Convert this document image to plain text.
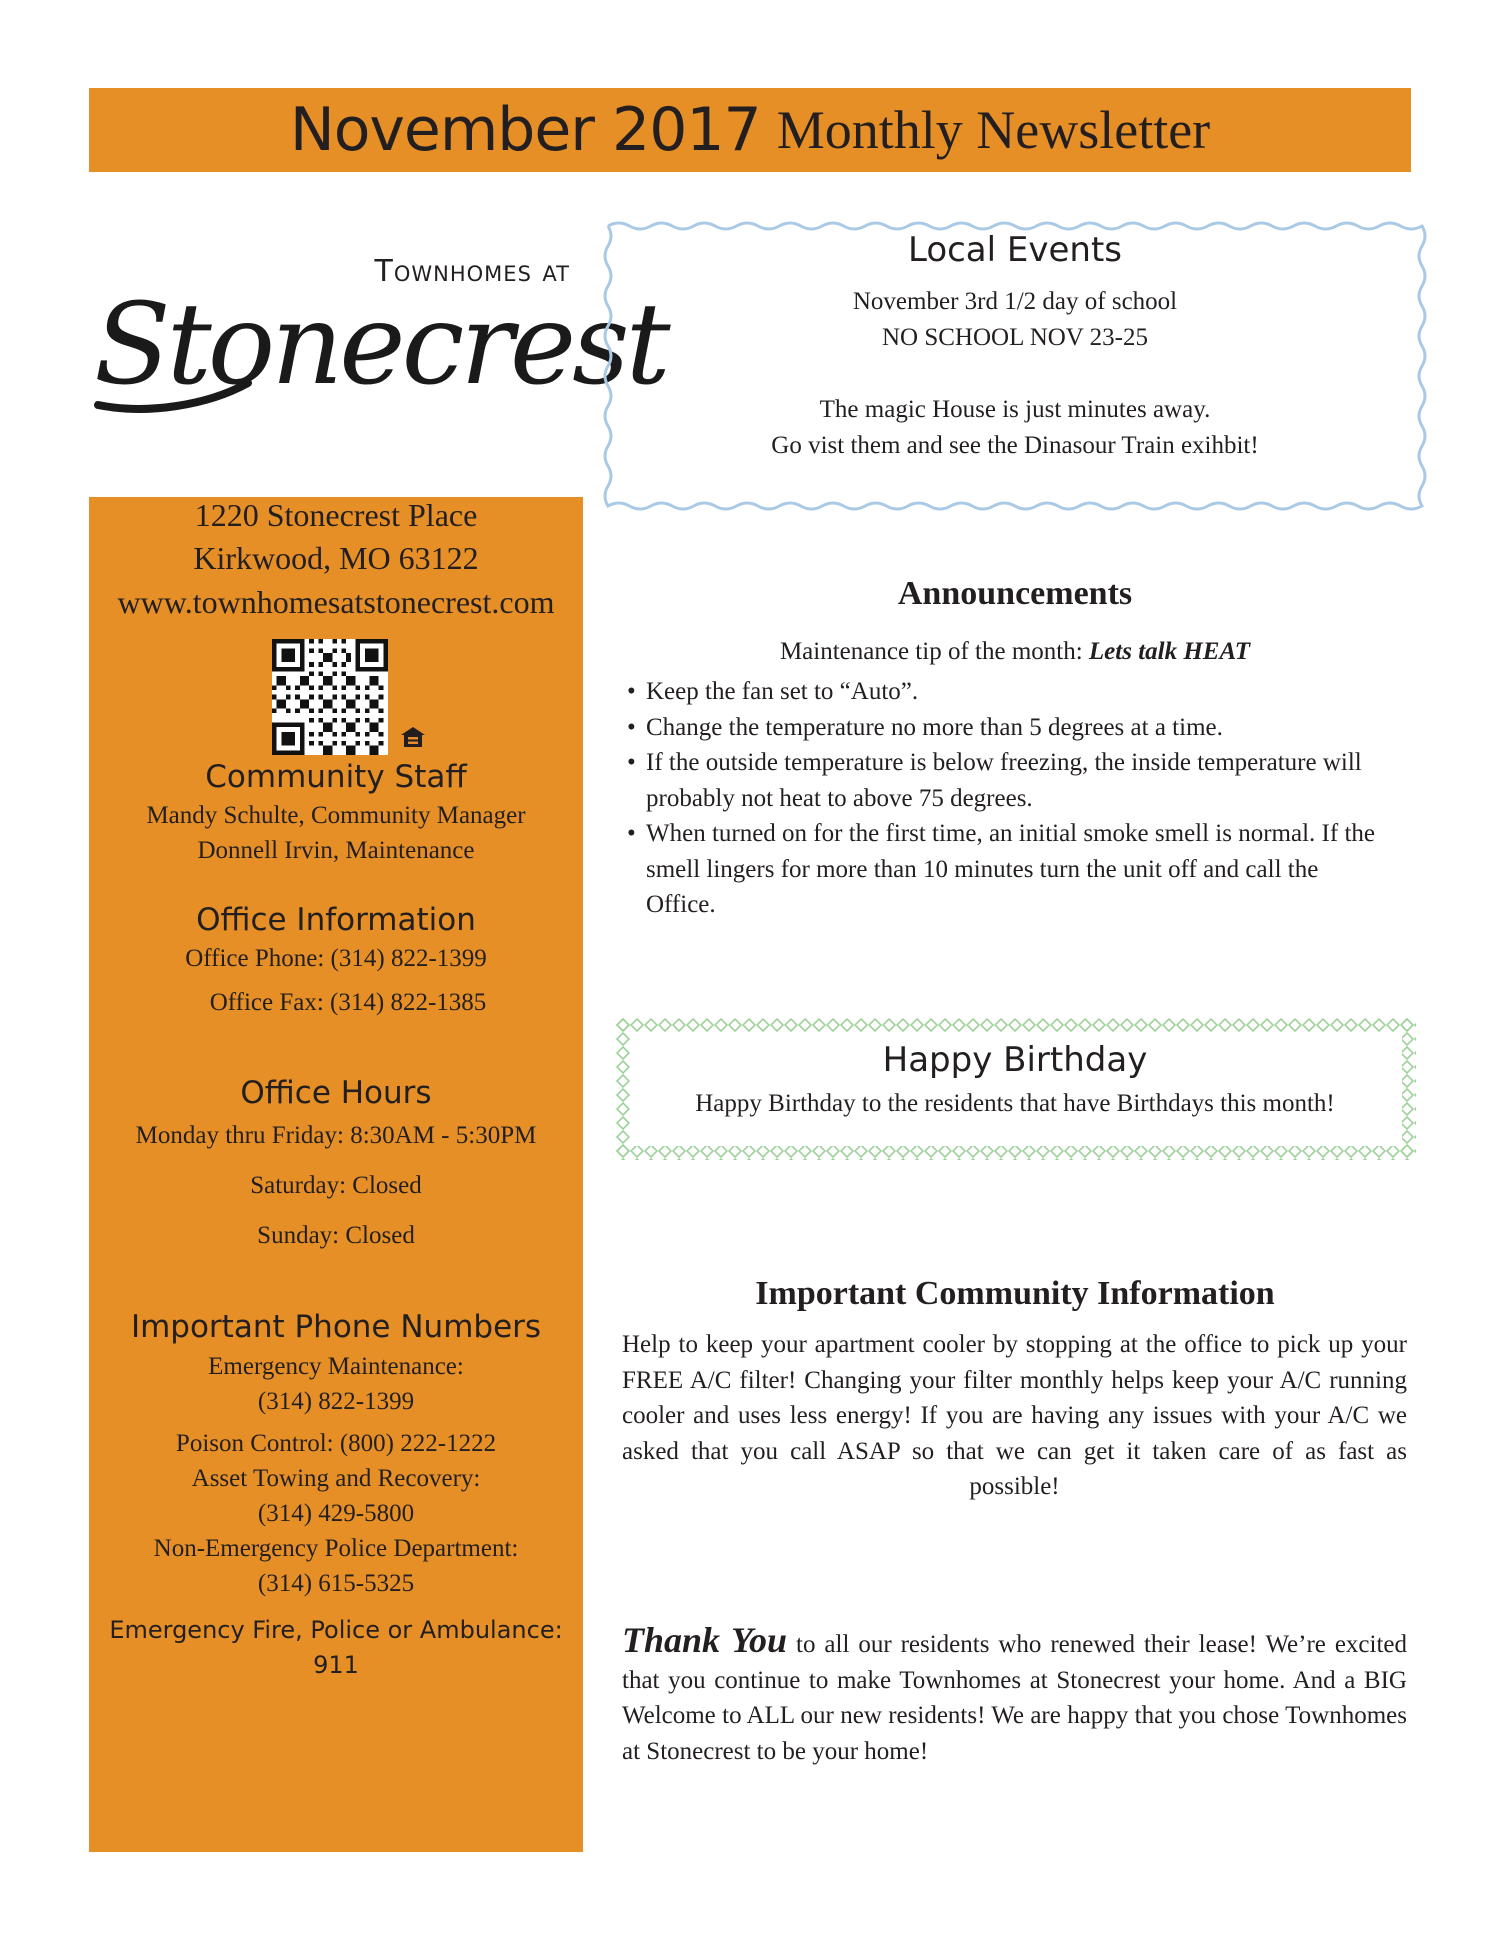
November 2017 Monthly Newsletter
Townhomes at
Stonecrest
Local Events
November 3rd 1/2 day of school
NO SCHOOL NOV 23-25
The magic House is just minutes away.
Go vist them and see the Dinasour Train exihbit!
1220 Stonecrest Place
Kirkwood, MO 63122
www.townhomesatstonecrest.com
Community Staff
Mandy Schulte, Community Manager
Donnell Irvin, Maintenance
Office Information
Office Phone: (314) 822-1399
Office Fax: (314) 822-1385
Office Hours
Monday thru Friday: 8:30AM - 5:30PM
Saturday: Closed
Sunday: Closed
Important Phone Numbers
Emergency Maintenance:
(314) 822-1399
Poison Control: (800) 222-1222
Asset Towing and Recovery:
(314) 429-5800
Non-Emergency Police Department:
(314) 615-5325
Emergency Fire, Police or Ambulance:
911
Announcements
Maintenance tip of the month: Lets talk HEAT
• Keep the fan set to “Auto”.
• Change the temperature no more than 5 degrees at a time.
• If the outside temperature is below freezing, the inside temperature will probably not heat to above 75 degrees.
• When turned on for the first time, an initial smoke smell is normal. If the smell lingers for more than 10 minutes turn the unit off and call the Office.
Happy Birthday
Happy Birthday to the residents that have Birthdays this month!
Important Community Information
Help to keep your apartment cooler by stopping at the office to pick up your FREE A/C filter! Changing your filter monthly helps keep your A/C running cooler and uses less energy! If you are having any issues with your A/C we asked that you call ASAP so that we can get it taken care of as fast as possible!
Thank You to all our residents who renewed their lease! We’re excited that you continue to make Townhomes at Stonecrest your home. And a BIG Welcome to ALL our new residents! We are happy that you chose Townhomes at Stonecrest to be your home!
